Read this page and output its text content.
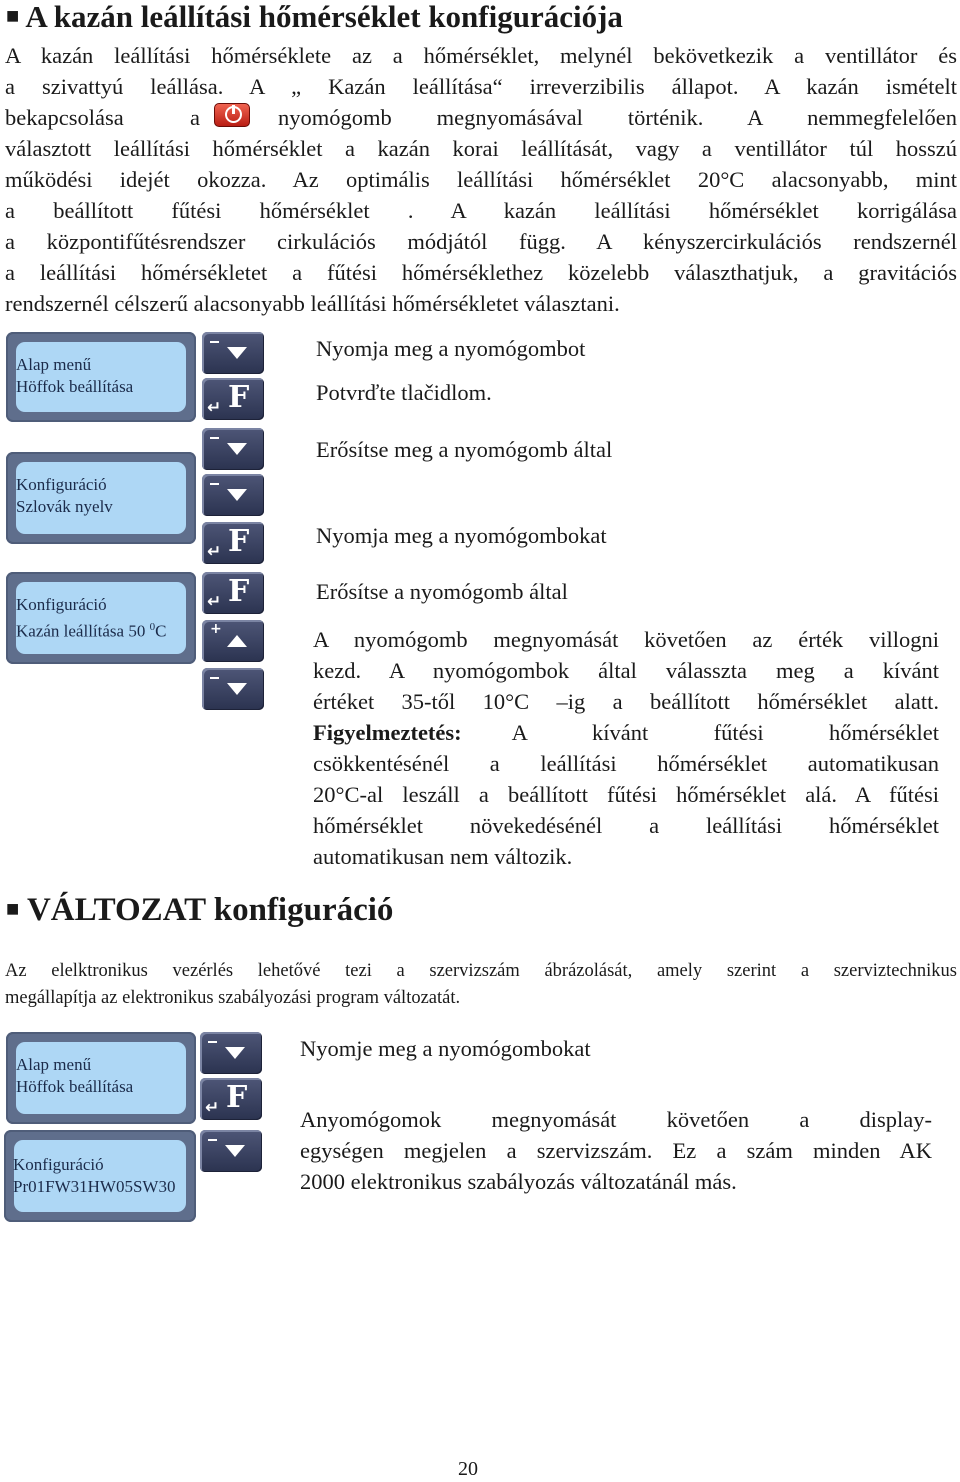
■ A kazán leállítási hőmérséklet konfigurációja
A kazán leállítási hőmérséklete az a hőmérséklet, melynél bekövetkezik a ventillátor és
a szivattyú leállása. A „ Kazán leállítása“ irreverzibilis állapot. A kazán ismételt
bekapcsolása a	nyomógomb megnyomásával történik. A nemmegfelelően
választott leállítási hőmérséklet a kazán korai leállítását, vagy a ventillátor túl hosszú
működési idejét okozza. Az optimális leállítási hőmérséklet 20°C alacsonyabb, mint
a beállított fűtési hőmérséklet . A kazán leállítási hőmérséklet korrigálása
a központifűtésrendszer cirkulációs módjától függ. A kényszercirkulációs rendszernél
a leállítási hőmérsékletet a fűtési hőmérséklethez közelebb választhatjuk, a gravitációs
rendszernél célszerű alacsonyabb leállítási hőmérsékletet választani.
Alap menű
Höffok beállítása
Konfiguráció
Szlovák nyelv
Konfiguráció
Kazán leállítása 50 $^0$C
↵ F
↵ F
↵ F
+
Nyomja meg a nyomógombot
Potvrďte tlačidlom.
Erősítse meg a nyomógomb által
Nyomja meg a nyomógombokat
Erősítse a nyomógomb által
A nyomógomb megnyomását követően az érték villogni
kezd. A nyomógombok által válasszta meg a kívánt
értéket 35-től 10°C –ig a beállított hőmérséklet alatt.
Figyelmeztetés: A kívánt fűtési hőmérséklet
csökkentésénél a leállítási hőmérséklet automatikusan
20°C-al leszáll a beállított fűtési hőmérséklet alá. A fűtési
hőmérséklet növekedésénél a leállítási hőmérséklet
automatikusan nem változik.
■ VÁLTOZAT konfiguráció
Az elelktronikus vezérlés lehetővé tezi a szervizszám ábrázolását, amely szerint a szerviztechnikus
megállapítja az elektronikus szabályozási program változatát.
Alap menű
Höffok beállítása
Konfiguráció
Pr01FW31HW05SW30
↵ F
Nyomje meg a nyomógombokat
Anyomógomok megnyomását követően a display-
egységen megjelen a szervizszám. Ez a szám minden AK
2000 elektronikus szabályozás változatánál más.
20
